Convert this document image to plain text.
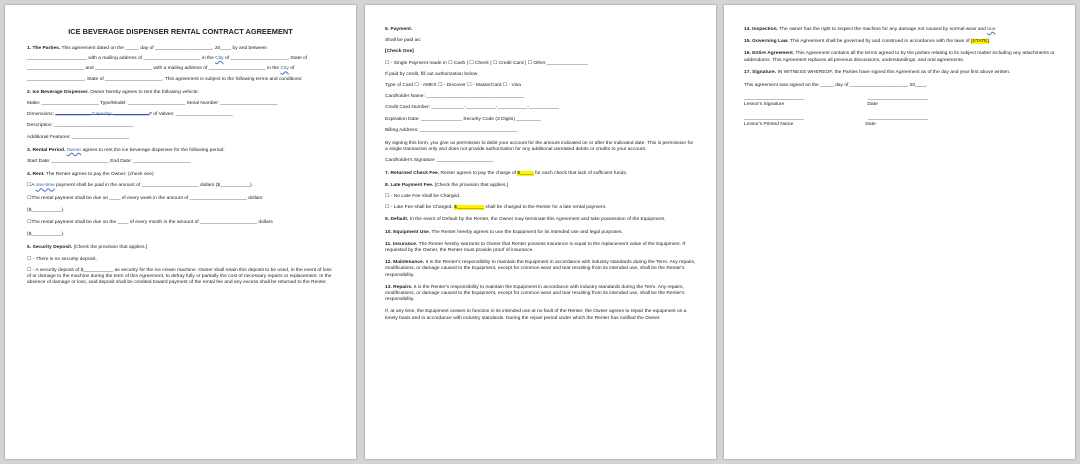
ICE BEVERAGE DISPENSER RENTAL CONTRACT AGREEMENT

1. The Parties. This agreement dated on the _____ day of _____________________, 20____ by and between

______________________ with a mailing address of _____________________ in the City of _____________________, State of

_____________________ and _____________________ with a mailing address of _____________________ in the City of

_____________________, State of _____________________. This agreement is subject to the following terms and conditions:

2. Ice Beverage Dispenser. Owner hereby agrees to rent the following vehicle:

Make: _____________________ Type/Model: _____________________ Serial Number: _____________________

Dimensions: _____________ Capacity: _____________# of Valves: _____________________

Description: _____________________________

Additional Features: _____________________

3. Rental Period. Owner agrees to rent the ice beverage dispenser for the following period:

Start Date: _____________________ End Date: _____________________

4. Rent. The Renter agrees to pay the Owner: (check one)

☐A one-time payment shall be paid in the amount of _____________________ dollars ($___________).

☐The rental payment shall be due on ____ of every week in the amount of _____________________ dollars

($___________).

☐The rental payment shall be due on the ____ of every month in the amount of _____________________ dollars

($___________).

5. Security Deposit. [Check the provision that applies.]

☐ - There is no security deposit.

☐ - A security deposit of $___________ as security for the ice cream machine. Owner shall retain this deposit to be used, in the event of loss of or damage to the machine during the term of this Agreement, to defray fully or partially the cost of necessary repairs or replacement. In the absence of damage or loss, said deposit shall be credited toward payment of the rental fee and any excess shall be returned to the Renter.

6. Payment.

Shall be paid as:

[Check One]

☐ - Single Payment made in ☐ Cash | ☐ Check | ☐ Credit Card | ☐ Other _______________

If paid by credit, fill out authorization below.

Type of Card ☐ - AMEX ☐ - Discover ☐ - MasterCard ☐ - Visa

Cardholder Name: ____________________________________

Credit Card Number: ____________-___________-___________-___________

Expiration Date: _______________ Security Code (3 Digits) _________

Billing Address: ____________________________________

By signing this form, you give us permission to debit your account for the amount indicated on or after the indicated date. This is permission for a single transaction only and does not provide authorization for any additional unrelated debits or credits to your account.

Cardholder's Signature _____________________

7. Returned Check Fee. Renter agrees to pay the charge of $_____ for each check that lack of sufficient funds.

8. Late Payment Fee. [Check the provision that applies.]

☐ - No Late Fee shall be Charged.

☐ - Late Fee shall be Charged. $__________ shall be charged to the Renter for a late rental payment.

9. Default. In the event of Default by the Renter, the Owner may terminate this Agreement and take possession of the Equipment.

10. Equipment Use. The Renter hereby agrees to use the Equipment for its intended use and legal purposes.

11. Insurance. The Renter hereby warrants to Owner that Renter possess insurance is equal to the replacement value of the Equipment. If requested by the Owner, the Renter must provide proof of insurance.

12. Maintenance. It is the Renter's responsibility to maintain the Equipment in accordance with industry standards during the Term. Any repairs, modifications, or damage caused to the Equipment, except for common wear and tear resulting from its intended use, shall be the Renter's responsibility.

13. Repairs. It is the Renter's responsibility to maintain the Equipment in accordance with industry standards during the Term. Any repairs, modifications, or damage caused to the Equipment, except for common wear and tear resulting from its intended use, shall be the Renter's responsibility.

If, at any time, the Equipment ceases to function in its intended use at no fault of the Renter, the Owner agrees to repair the equipment on a timely basis and in accordance with industry standards. During the repair period under which the Renter has notified the Owner.

14. Inspection. The owner has the right to inspect the machine for any damage not caused by normal wear and tear.

15. Governing Law. This Agreement shall be governed by and construed in accordance with the laws of [STATE].

16. Entire Agreement. This Agreement contains all the terms agreed to by the parties relating to its subject matter including any attachments or addendums. This Agreement replaces all previous discussions, understandings, and oral agreements.

17. Signature. IN WITNESS WHEREOF, the Parties have signed this Agreement as of the day and year first above written.

This agreement was signed on the _____ day of _____________________, 20____.

______________________	______________________
Lessor's Signature	Date
______________________	______________________
Lessor's Printed Name	Date
